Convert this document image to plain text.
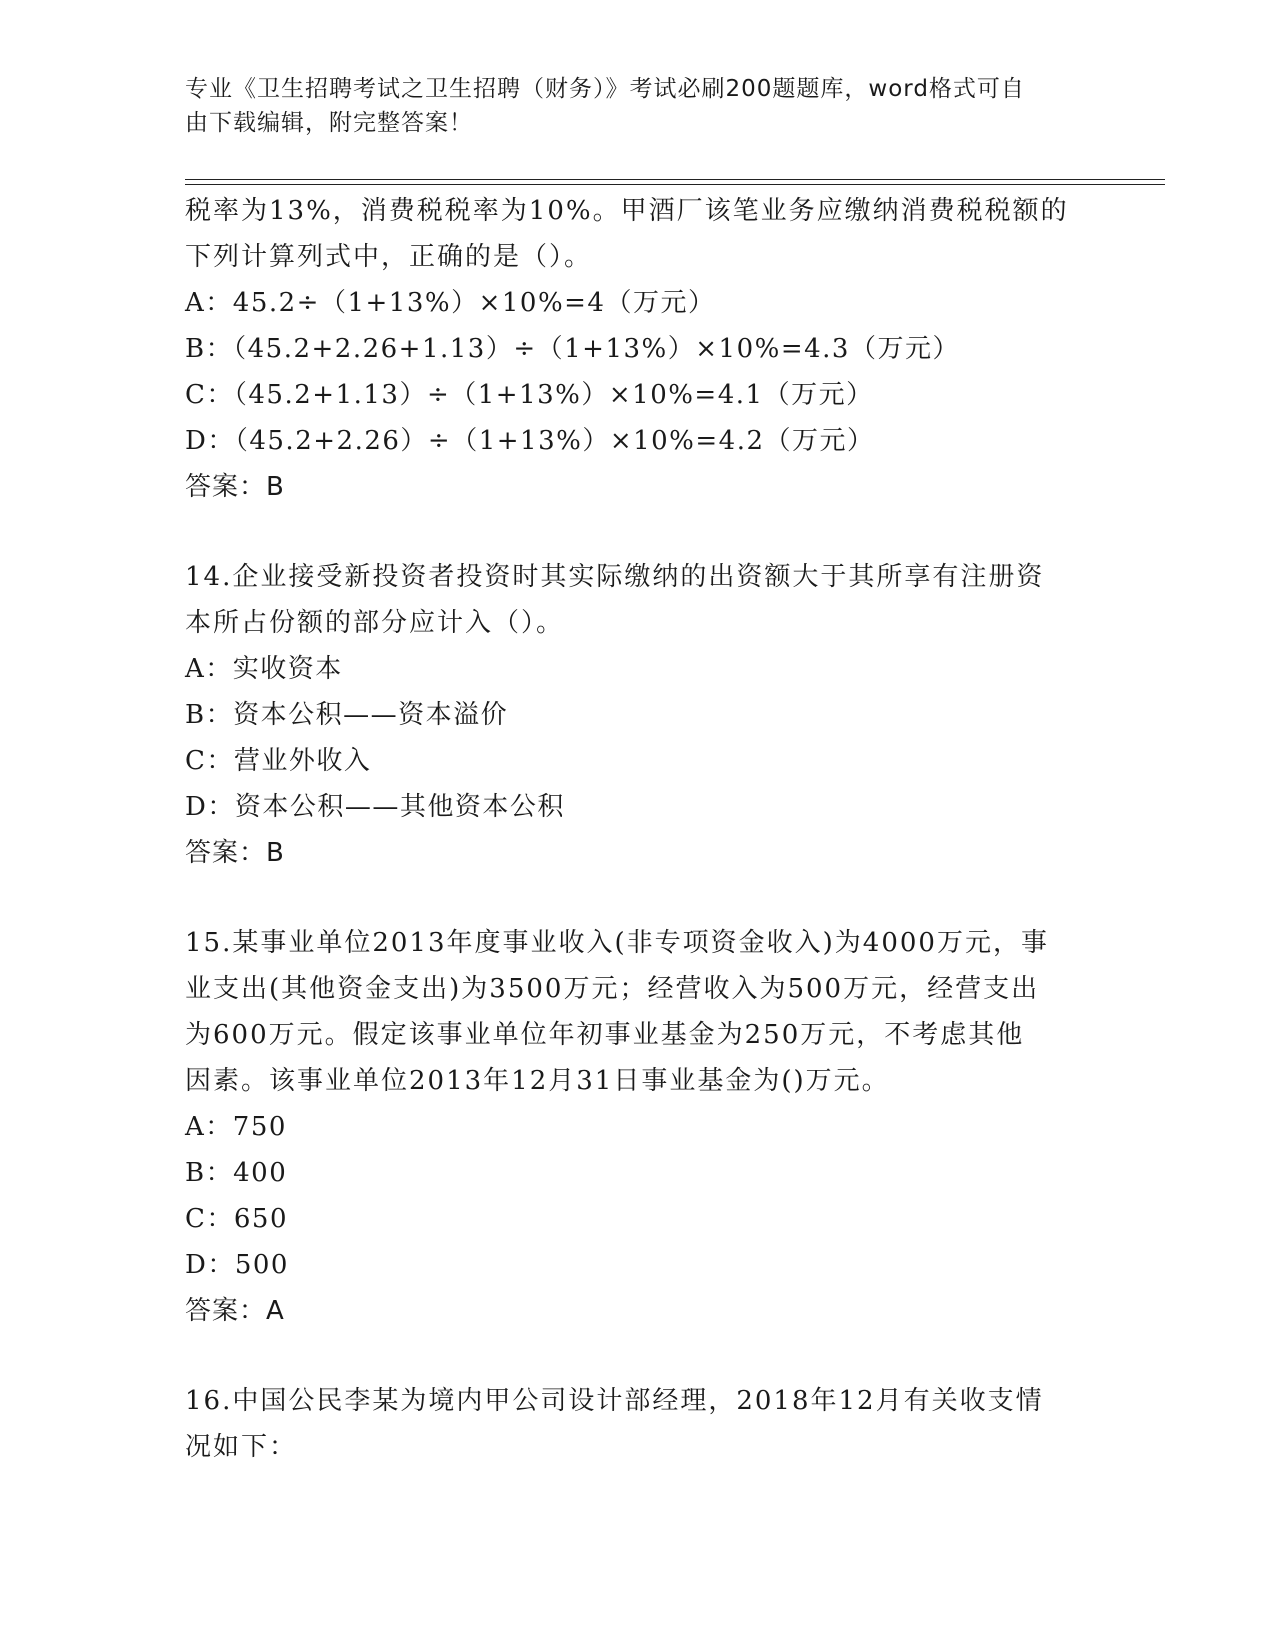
专业《卫生招聘考试之卫生招聘（财务）》考试必刷200题题库，word格式可自
由下载编辑，附完整答案！
税率为13%，消费税税率为10%。甲酒厂该笔业务应缴纳消费税税额的
下列计算列式中，正确的是（）。
A：45.2÷（1+13%）×10%=4（万元）
B：（45.2+2.26+1.13）÷（1+13%）×10%=4.3（万元）
C：（45.2+1.13）÷（1+13%）×10%=4.1（万元）
D：（45.2+2.26）÷（1+13%）×10%=4.2（万元）
答案：B
14.企业接受新投资者投资时其实际缴纳的出资额大于其所享有注册资
本所占份额的部分应计入（）。
A：实收资本
B：资本公积——资本溢价
C：营业外收入
D：资本公积——其他资本公积
答案：B
15.某事业单位2013年度事业收入(非专项资金收入)为4000万元，事
业支出(其他资金支出)为3500万元；经营收入为500万元，经营支出
为600万元。假定该事业单位年初事业基金为250万元，不考虑其他
因素。该事业单位2013年12月31日事业基金为()万元。
A：750
B：400
C：650
D：500
答案：A
16.中国公民李某为境内甲公司设计部经理，2018年12月有关收支情
况如下：
